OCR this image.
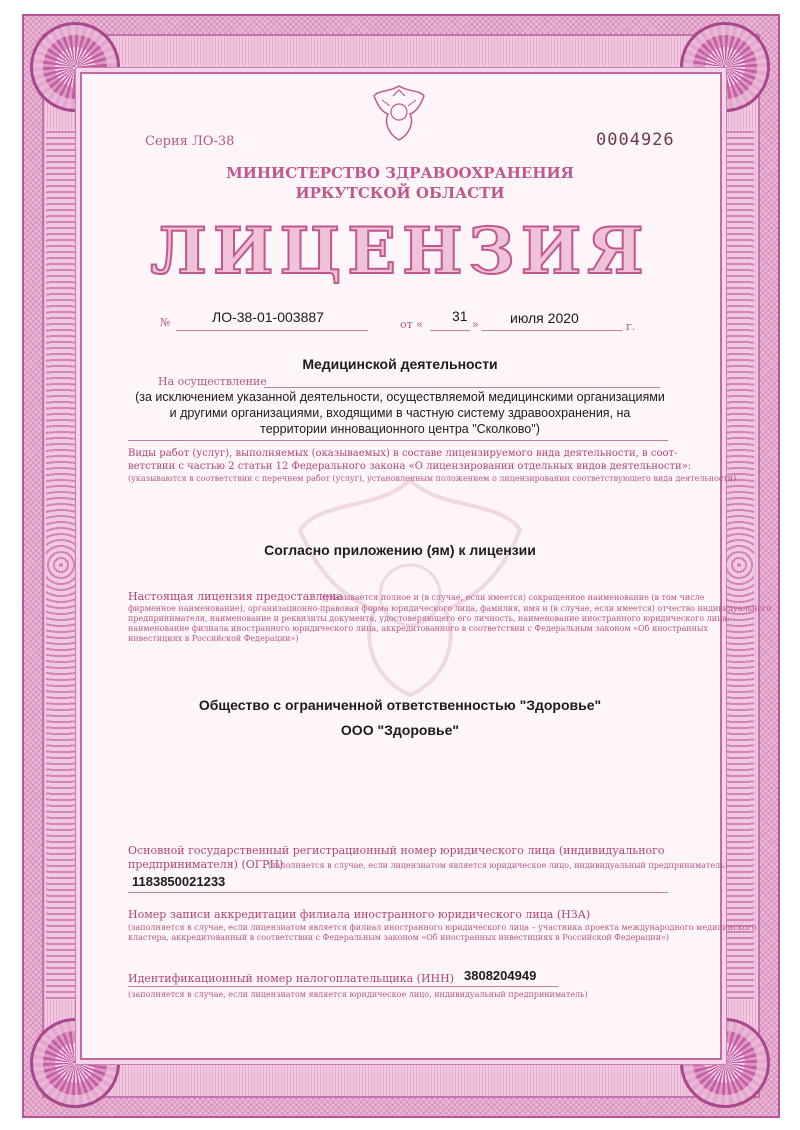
Серия ЛО-38	0004926
МИНИСТЕРСТВО ЗДРАВООХРАНЕНИЯ
ИРКУТСКОЙ ОБЛАСТИ
ЛИЦЕНЗИЯ
№	ЛО-38-01-003887	от «
31
» июля 2020
г.
Медицинской деятельности
На осуществление
(за исключением указанной деятельности, осуществляемой медицинскими организациями
и другими организациями, входящими в частную систему здравоохранения, на
территории инновационного центра "Сколково")
Виды работ (услуг), выполняемых (оказываемых) в составе лицензируемого вида деятельности, в соот-
ветствии с частью 2 статьи 12 Федерального закона «О лицензировании отдельных видов деятельности»:
(указываются в соответствии с перечнем работ (услуг), установленным положением о лицензировании соответствующего вида деятельности)
Согласно приложению (ям) к лицензии
Настоящая лицензия предоставлена
(указывается полное и (в случае, если имеется) сокращенное наименование (в том числе
фирменное наименование), организационно-правовая форма юридического лица, фамилия, имя и (в случае, если имеется) отчество индивидуального
предпринимателя, наименование и реквизиты документа, удостоверяющего его личность, наименование иностранного юридического лица,
наименование филиала иностранного юридического лица, аккредитованного в соответствии с Федеральным законом «Об иностранных
инвестициях в Российской Федерации»)
Общество с ограниченной ответственностью "Здоровье"
ООО "Здоровье"
Основной государственный регистрационный номер юридического лица (индивидуального
предпринимателя) (ОГРН)
(заполняется в случае, если лицензиатом является юридическое лицо, индивидуальный предприниматель)
1183850021233
Номер записи аккредитации филиала иностранного юридического лица (НЗА)
(заполняется в случае, если лицензиатом является филиал иностранного юридического лица – участника проекта международного медицинского
кластера, аккредитованный в соответствии с Федеральным законом «Об иностранных инвестициях в Российской Федерации»)
Идентификационный номер налогоплательщика (ИНН) 3808204949
(заполняется в случае, если лицензиатом является юридическое лицо, индивидуальный предприниматель)
